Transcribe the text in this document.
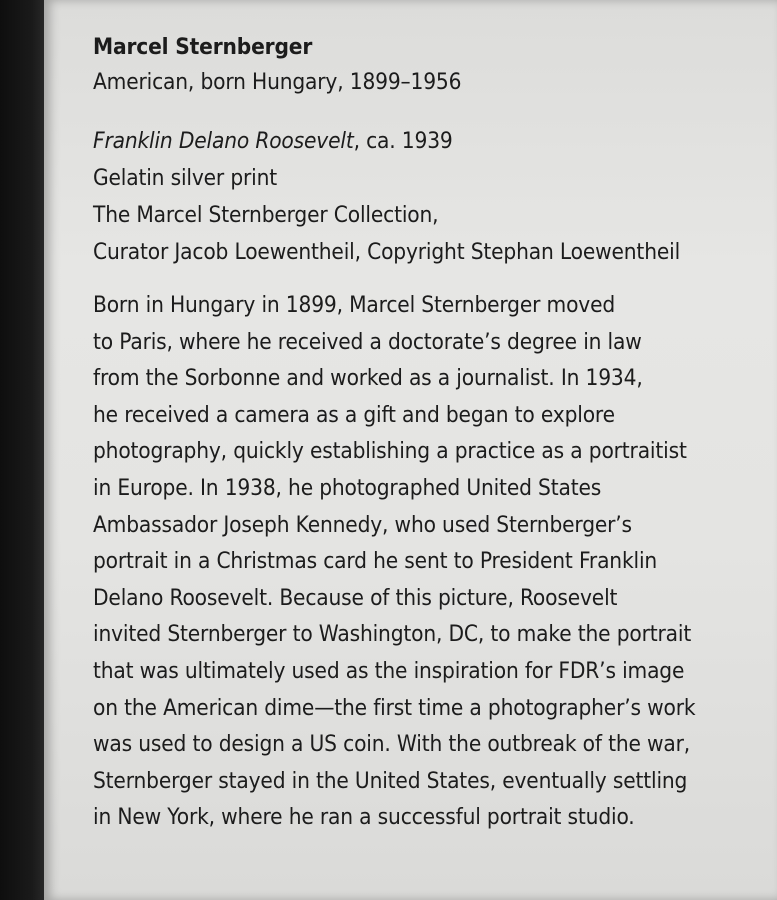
Marcel Sternberger

American, born Hungary, 1899–1956

Franklin Delano Roosevelt, ca. 1939

Gelatin silver print

The Marcel Sternberger Collection,

Curator Jacob Loewentheil, Copyright Stephan Loewentheil

Born in Hungary in 1899, Marcel Sternberger moved

to Paris, where he received a doctorate’s degree in law

from the Sorbonne and worked as a journalist. In 1934,

he received a camera as a gift and began to explore

photography, quickly establishing a practice as a portraitist

in Europe. In 1938, he photographed United States

Ambassador Joseph Kennedy, who used Sternberger’s

portrait in a Christmas card he sent to President Franklin

Delano Roosevelt. Because of this picture, Roosevelt

invited Sternberger to Washington, DC, to make the portrait

that was ultimately used as the inspiration for FDR’s image

on the American dime—the first time a photographer’s work

was used to design a US coin. With the outbreak of the war,

Sternberger stayed in the United States, eventually settling

in New York, where he ran a successful portrait studio.
